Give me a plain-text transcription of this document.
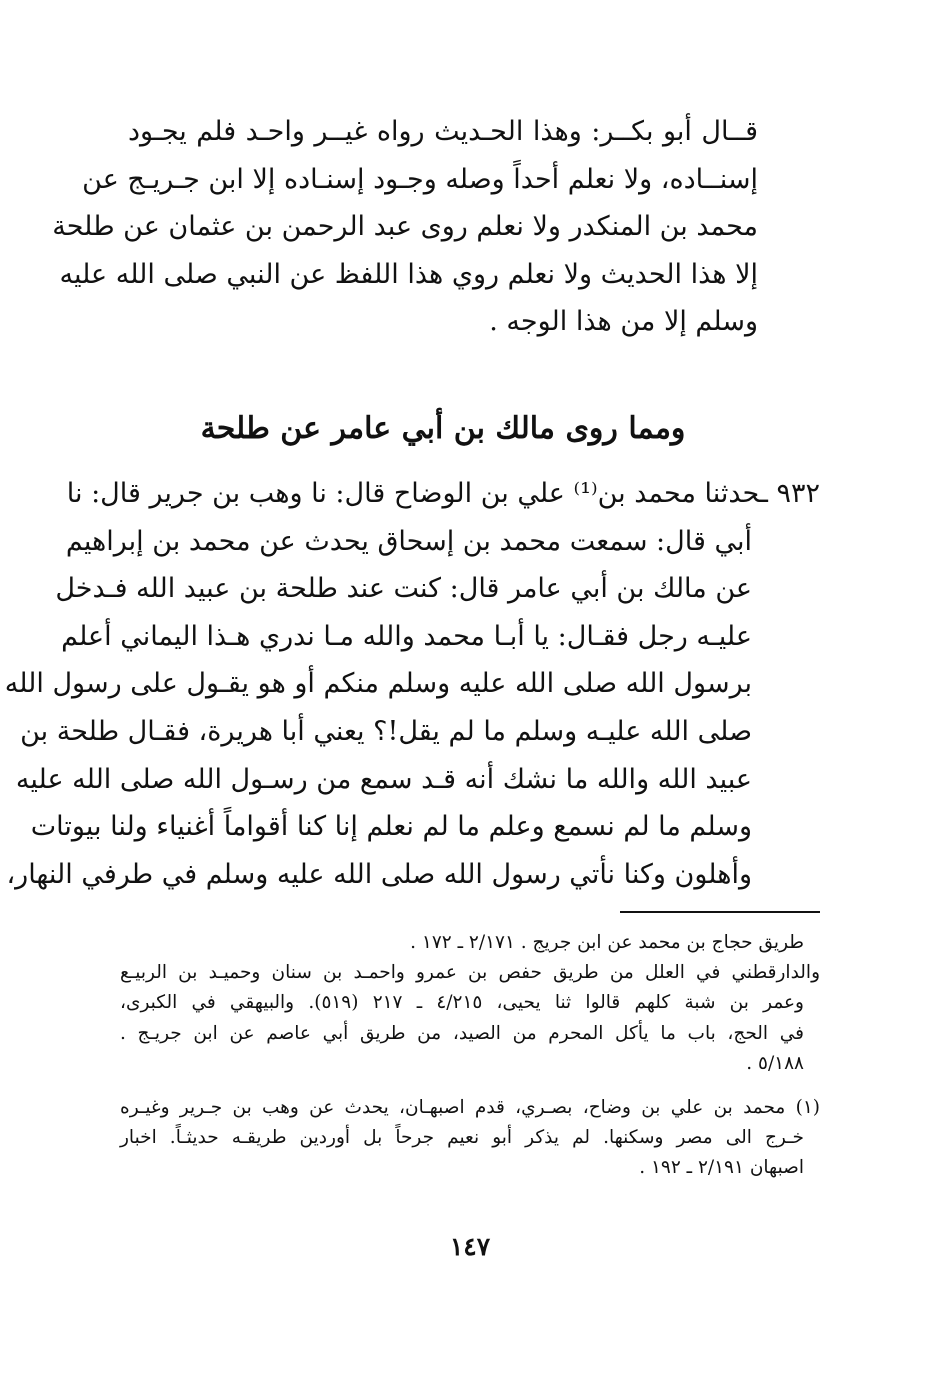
قــال أبو بكــر: وهذا الحـديث رواه غيــر واحـد فلم يجـود
إسنــاده، ولا نعلم أحداً وصله وجـود إسنـاده إلا ابن جـريـج عن
محمد بن المنكدر ولا نعلم روى عبد الرحمن بن عثمان عن طلحة
إلا هذا الحديث ولا نعلم روي هذا اللفظ عن النبي صلى الله عليه
وسلم إلا من هذا الوجه .
ومما روى مالك بن أبي عامر عن طلحة
٩٣٢ ـحدثنا محمد بن⁽¹⁾ علي بن الوضاح قال: نا وهب بن جرير قال: نا
أبي قال: سمعت محمد بن إسحاق يحدث عن محمد بن إبراهيم
عن مالك بن أبي عامر قال: كنت عند طلحة بن عبيد الله فـدخل
عليـه رجل فقـال: يا أبـا محمد والله مـا ندري هـذا اليماني أعلم
برسول الله صلى الله عليه وسلم منكم أو هو يقـول على رسول الله
صلى الله عليـه وسلم ما لم يقل!؟ يعني أبا هريرة، فقـال طلحة بن
عبيد الله والله ما نشك أنه قـد سمع من رسـول الله صلى الله عليه
وسلم ما لم نسمع وعلم ما لم نعلم إنا كنا أقواماً أغنياء ولنا بيوتات
وأهلون وكنا نأتي رسول الله صلى الله عليه وسلم في طرفي النهار،
طريق حجاج بن محمد عن ابن جريج . ٢/١٧١ ـ ١٧٢ .
والدارقطني في العلل من طريق حفص بن عمرو واحمـد بن سنان وحميـد بن الربيـع
وعمر بن شبة كلهم قالوا ثنا يحيى، ٤/٢١٥ ـ ٢١٧ (٥١٩). والبيهقي في الكبرى،
في الحج، باب ما يأكل المحرم من الصيد، من طريق أبي عاصم عن ابن جريـج .
٥/١٨٨ .
(١) محمد بن علي بن وضاح، بصـري، قدم اصبهـان، يحدث عن وهب بن جـرير وغيـره
خـرج الى مصر وسكنها. لم يذكر أبو نعيم جرحاً بل أوردين طريقـه حديثـاً. اخبار
اصبهان ٢/١٩١ ـ ١٩٢ .
١٤٧
